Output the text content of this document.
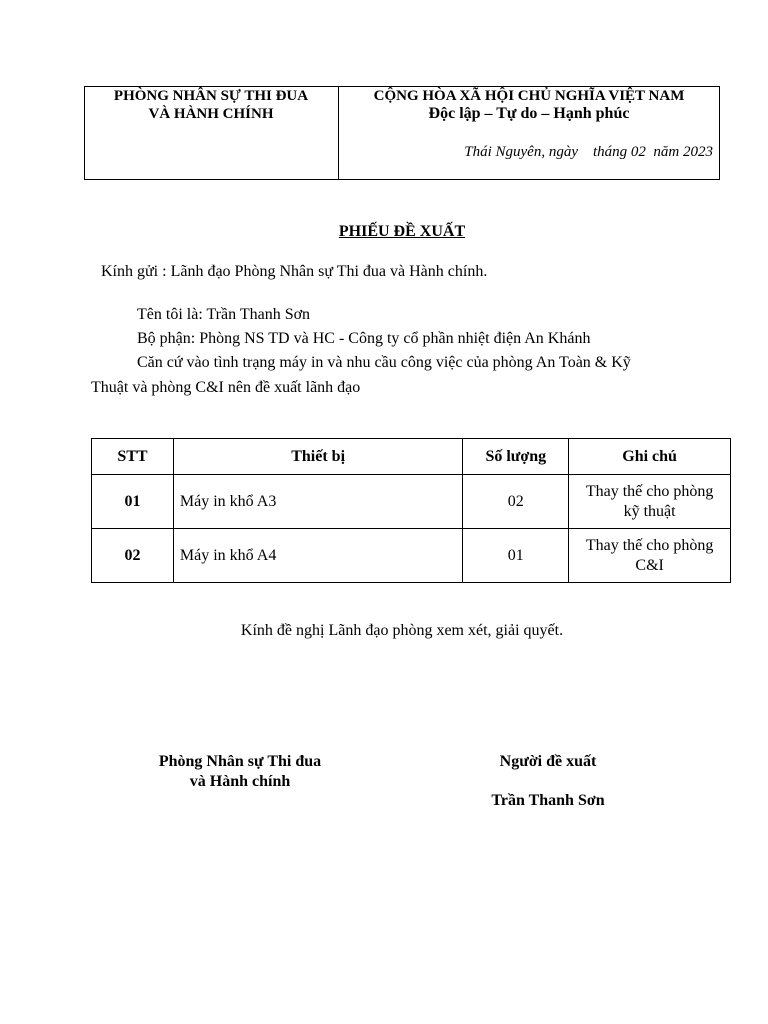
PHÒNG NHÂN SỰ THI ĐUA
VÀ HÀNH CHÍNH
CỘNG HÒA XÃ HỘI CHỦ NGHĨA VIỆT NAM
Độc lập – Tự do – Hạnh phúc
Thái Nguyên, ngày    tháng 02  năm 2023
PHIẾU ĐỀ XUẤT
Kính gửi : Lãnh đạo Phòng Nhân sự Thi đua và Hành chính.
Tên tôi là: Trần Thanh Sơn
Bộ phận: Phòng NS TD và HC - Công ty cổ phần nhiệt điện An Khánh
Căn cứ vào tình trạng máy in và nhu cầu công việc của phòng An Toàn & Kỹ
Thuật và phòng C&I nên đề xuất lãnh đạo
STT	Thiết bị	Số lượng	Ghi chú
01	Máy in khổ A3	02	Thay thế cho phòng
kỹ thuật

02	Máy in khổ A4	01	Thay thế cho phòng
C&I
Kính đề nghị Lãnh đạo phòng xem xét, giải quyết.
Phòng Nhân sự Thi đua
và Hành chính
Người đề xuất
Trần Thanh Sơn
